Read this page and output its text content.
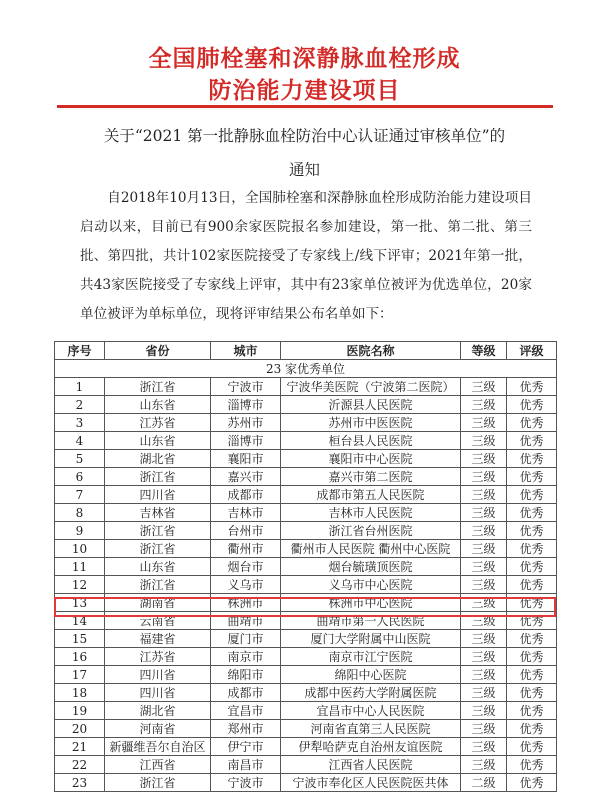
全国肺栓塞和深静脉血栓形成
防治能力建设项目
关于“2021 第一批静脉血栓防治中心认证通过审核单位”的
通知
自2018年10月13日，全国肺栓塞和深静脉血栓形成防治能力建设项目启动以来，目前已有900余家医院报名参加建设，第一批、第二批、第三批、第四批，共计102家医院接受了专家线上/线下评审；2021年第一批，共43家医院接受了专家线上评审，其中有23家单位被评为优选单位，20家单位被评为单标单位，现将评审结果公布名单如下：
序号	省份	城市	医院名称	等级	评级
23 家优秀单位					
1	浙江省	宁波市	宁波华美医院（宁波第二医院）	三级	优秀
2	山东省	淄博市	沂源县人民医院	三级	优秀
3	江苏省	苏州市	苏州市中医医院	三级	优秀
4	山东省	淄博市	桓台县人民医院	三级	优秀
5	湖北省	襄阳市	襄阳市中心医院	三级	优秀
6	浙江省	嘉兴市	嘉兴市第二医院	三级	优秀
7	四川省	成都市	成都市第五人民医院	三级	优秀
8	吉林省	吉林市	吉林市人民医院	三级	优秀
9	浙江省	台州市	浙江省台州医院	三级	优秀
10	浙江省	衢州市	衢州市人民医院 衢州中心医院	三级	优秀
11	山东省	烟台市	烟台毓璜顶医院	三级	优秀
12	浙江省	义乌市	义乌市中心医院	三级	优秀
13	湖南省	株洲市	株洲市中心医院	三级	优秀
14	云南省	曲靖市	曲靖市第一人民医院	三级	优秀
15	福建省	厦门市	厦门大学附属中山医院	三级	优秀
16	江苏省	南京市	南京市江宁医院	三级	优秀
17	四川省	绵阳市	绵阳中心医院	三级	优秀
18	四川省	成都市	成都中医药大学附属医院	三级	优秀
19	湖北省	宜昌市	宜昌市中心人民医院	三级	优秀
20	河南省	郑州市	河南省直第三人民医院	三级	优秀
21	新疆维吾尔自治区	伊宁市	伊犁哈萨克自治州友谊医院	三级	优秀
22	江西省	南昌市	江西省人民医院	三级	优秀
23	浙江省	宁波市	宁波市奉化区人民医院医共体	二级	优秀
